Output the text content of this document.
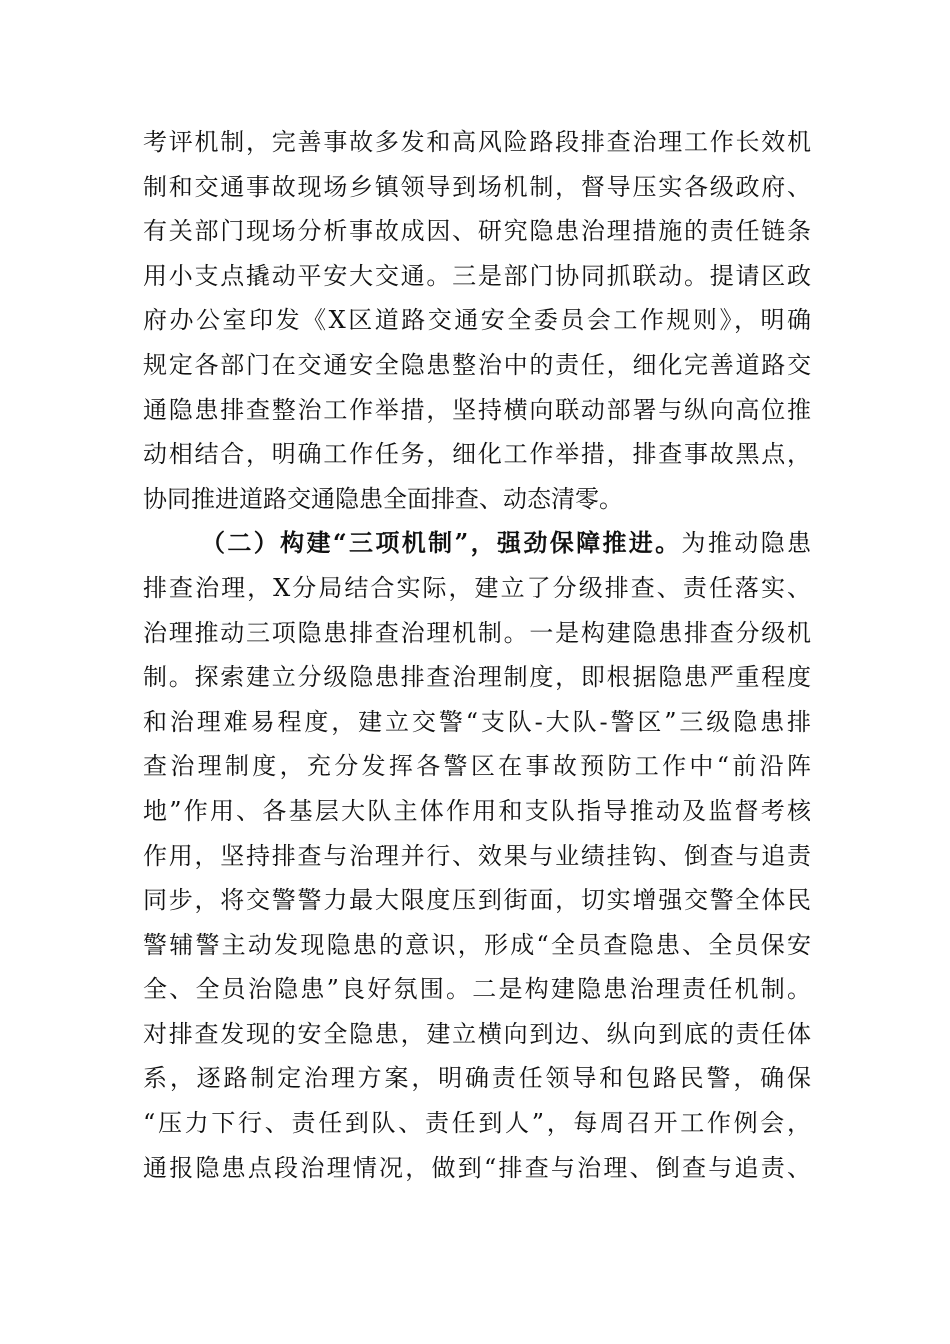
考评机制，完善事故多发和高风险路段排查治理工作长效机
制和交通事故现场乡镇领导到场机制，督导压实各级政府、
有关部门现场分析事故成因、研究隐患治理措施的责任链条
用小支点撬动平安大交通。三是部门协同抓联动。提请区政
府办公室印发《X区道路交通安全委员会工作规则》，明确
规定各部门在交通安全隐患整治中的责任，细化完善道路交
通隐患排查整治工作举措，坚持横向联动部署与纵向高位推
动相结合，明确工作任务，细化工作举措，排查事故黑点，
协同推进道路交通隐患全面排查、动态清零。
（二）构建“三项机制”，强劲保障推进。为推动隐患
排查治理，X分局结合实际，建立了分级排查、责任落实、
治理推动三项隐患排查治理机制。一是构建隐患排查分级机
制。探索建立分级隐患排查治理制度，即根据隐患严重程度
和治理难易程度，建立交警“支队-大队-警区”三级隐患排
查治理制度，充分发挥各警区在事故预防工作中“前沿阵
地”作用、各基层大队主体作用和支队指导推动及监督考核
作用，坚持排查与治理并行、效果与业绩挂钩、倒查与追责
同步，将交警警力最大限度压到街面，切实增强交警全体民
警辅警主动发现隐患的意识，形成“全员查隐患、全员保安
全、全员治隐患”良好氛围。二是构建隐患治理责任机制。
对排查发现的安全隐患，建立横向到边、纵向到底的责任体
系，逐路制定治理方案，明确责任领导和包路民警，确保
“压力下行、责任到队、责任到人”，每周召开工作例会，
通报隐患点段治理情况，做到“排查与治理、倒查与追责、
